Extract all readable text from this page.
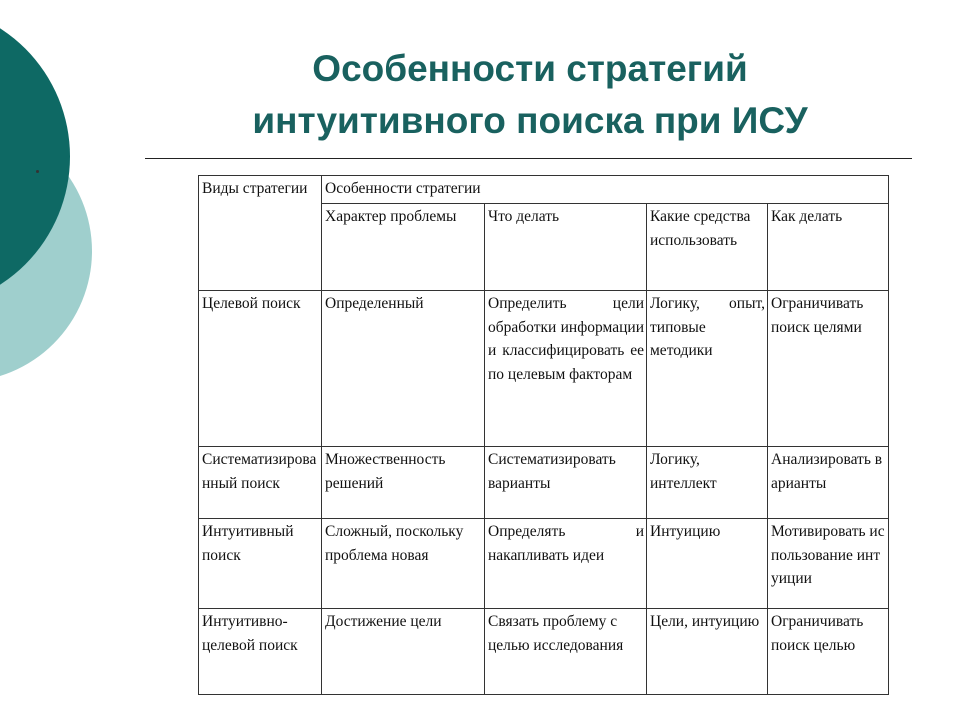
Особенности стратегий
интуитивного поиска при ИСУ
Виды стратегии	Особенности стратегии			
	Характер проблемы	Что делать	Какие средства использовать	Как делать
Целевой поиск	Определенный	Определить цели обработки информации и классифицировать ее по целевым факторам	Логику, опыт, типовые методики	Ограничивать поиск целями
Систематизированный поиск	Множественность решений	Систематизировать варианты	Логику, интеллект	Анализировать варианты
Интуитивный поиск	Сложный, поскольку проблема новая	Определять и накапливать идеи	Интуицию	Мотивировать использование интуиции
Интуитивно-целевой поиск	Достижение цели	Связать проблему с целью исследования	Цели, интуицию	Ограничивать поиск целью
